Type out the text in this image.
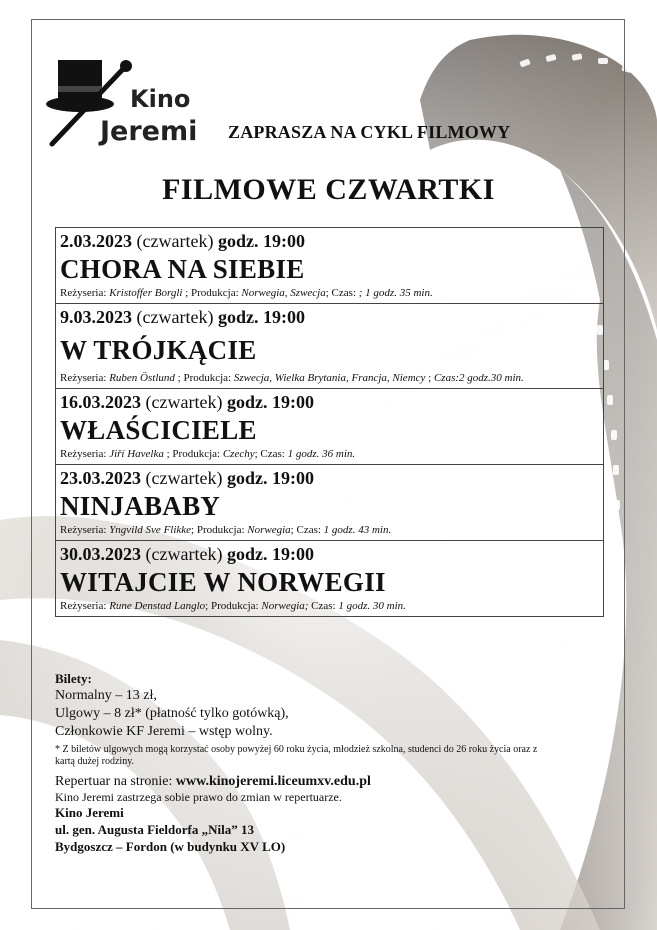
Kino
Jeremi ZAPRASZA NA CYKL FILMOWY
FILMOWE CZWARTKI
2.03.2023 (czwartek) godz. 19:00
CHORA NA SIEBIE
Reżyseria: Kristoffer Borgli ; Produkcja: Norwegia, Szwecja; Czas: ; 1 godz. 35 min.
9.03.2023 (czwartek) godz. 19:00
W TRÓJKĄCIE
Reżyseria: Ruben Östlund ; Produkcja: Szwecja, Wielka Brytania, Francja, Niemcy ; Czas:2 godz.30 min.
16.03.2023 (czwartek) godz. 19:00
WŁAŚCICIELE
Reżyseria: Jiří Havelka ; Produkcja: Czechy; Czas: 1 godz. 36 min.
23.03.2023 (czwartek) godz. 19:00
NINJABABY
Reżyseria: Yngvild Sve Flikke; Produkcja: Norwegia; Czas: 1 godz. 43 min.
30.03.2023 (czwartek) godz. 19:00
WITAJCIE W NORWEGII
Reżyseria: Rune Denstad Langlo; Produkcja: Norwegia; Czas: 1 godz. 30 min.
Bilety:
Normalny – 13 zł,
Ulgowy – 8 zł* (płatność tylko gotówką),
Członkowie KF Jeremi – wstęp wolny.
* Z biletów ulgowych mogą korzystać osoby powyżej 60 roku życia, młodzież szkolna, studenci do 26 roku życia oraz z kartą dużej rodziny.
Repertuar na stronie: www.kinojeremi.liceumxv.edu.pl
Kino Jeremi zastrzega sobie prawo do zmian w repertuarze.
Kino Jeremi
ul. gen. Augusta Fieldorfa „Nila” 13
Bydgoszcz – Fordon (w budynku XV LO)
